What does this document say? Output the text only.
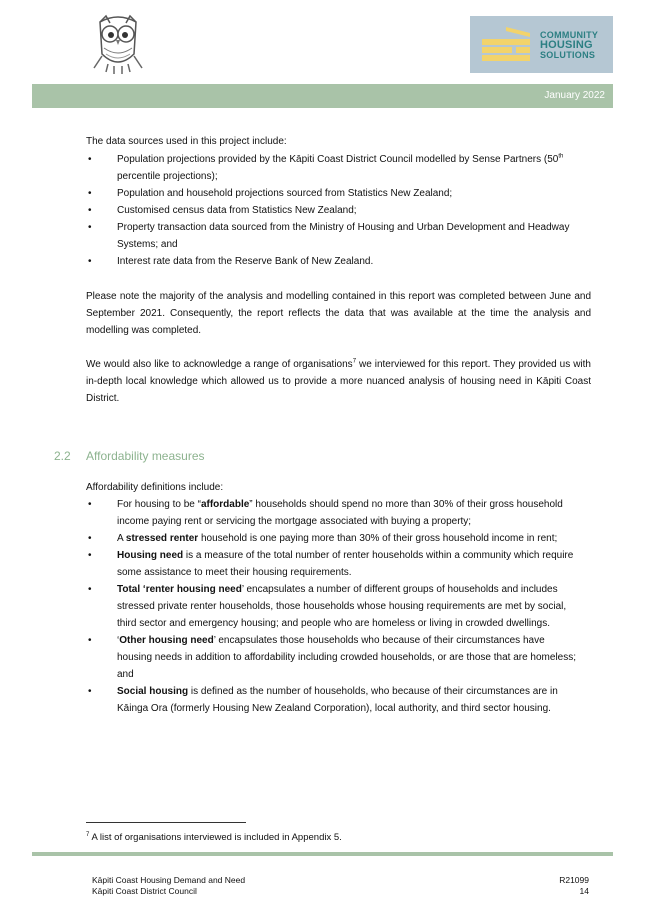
COMMUNITY
HOUSING
SOLUTIONS
January 2022

The data sources used in this project include:

• Population projections provided by the Kāpiti Coast District Council modelled by Sense Partners (50th percentile projections);
• Population and household projections sourced from Statistics New Zealand;
• Customised census data from Statistics New Zealand;
• Property transaction data sourced from the Ministry of Housing and Urban Development and Headway Systems; and
• Interest rate data from the Reserve Bank of New Zealand.

Please note the majority of the analysis and modelling contained in this report was completed between June and September 2021. Consequently, the report reflects the data that was available at the time the analysis and modelling was completed.

We would also like to acknowledge a range of organisations$^7$ we interviewed for this report. They provided us with in-depth local knowledge which allowed us to provide a more nuanced analysis of housing need in Kāpiti Coast District.

2.2 Affordability measures

Affordability definitions include:

• For housing to be “affordable” households should spend no more than 30% of their gross household income paying rent or servicing the mortgage associated with buying a property;
• A stressed renter household is one paying more than 30% of their gross household income in rent;
• Housing need is a measure of the total number of renter households within a community which require some assistance to meet their housing requirements.
• Total ‘renter housing need’ encapsulates a number of different groups of households and includes stressed private renter households, those households whose housing requirements are met by social, third sector and emergency housing; and people who are homeless or living in crowded dwellings.
• ‘Other housing need’ encapsulates those households who because of their circumstances have housing needs in addition to affordability including crowded households, or are those that are homeless; and
• Social housing is defined as the number of households, who because of their circumstances are in Kāinga Ora (formerly Housing New Zealand Corporation), local authority, and third sector housing.
$^7$ A list of organisations interviewed is included in Appendix 5.
Kāpiti Coast Housing Demand and Need
Kāpiti Coast District Council
R21099
14
